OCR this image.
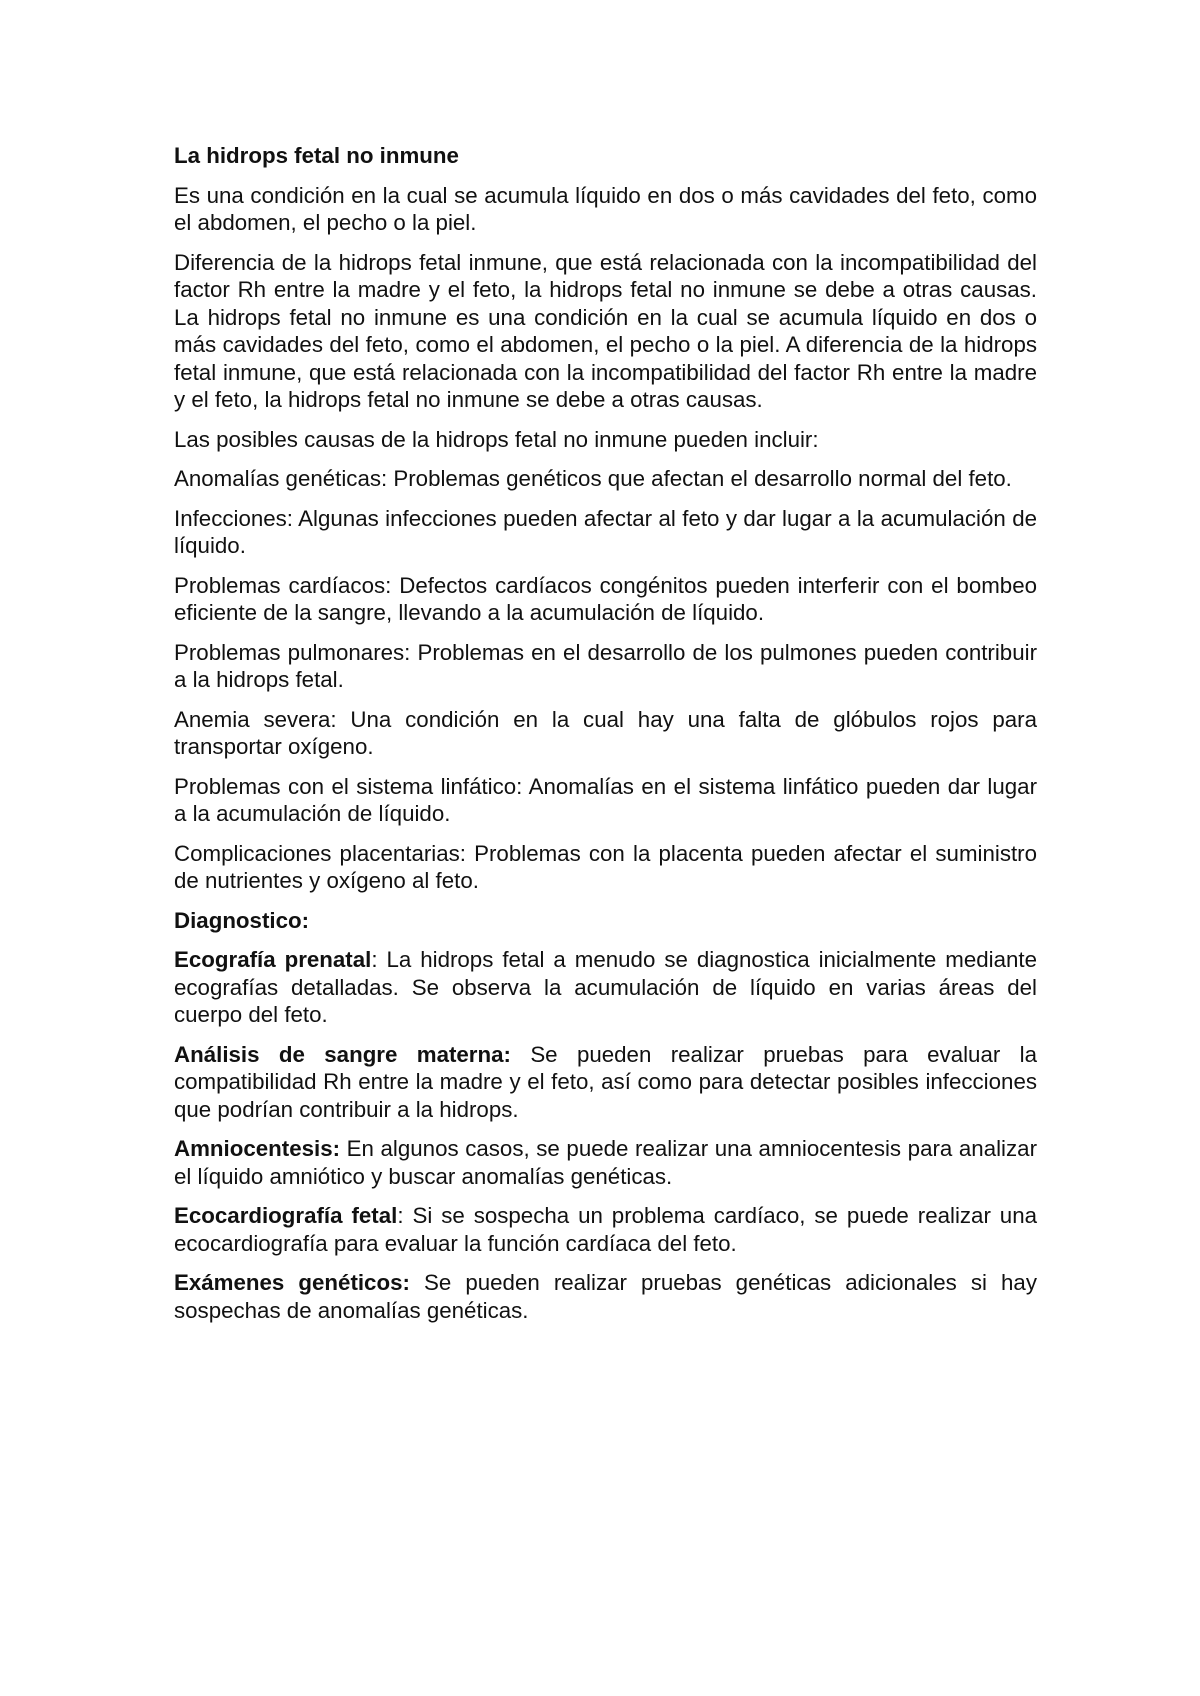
La hidrops fetal no inmune

Es una condición en la cual se acumula líquido en dos o más cavidades del feto, como el abdomen, el pecho o la piel.

Diferencia de la hidrops fetal inmune, que está relacionada con la incompatibilidad del factor Rh entre la madre y el feto, la hidrops fetal no inmune se debe a otras causas. La hidrops fetal no inmune es una condición en la cual se acumula líquido en dos o más cavidades del feto, como el abdomen, el pecho o la piel. A diferencia de la hidrops fetal inmune, que está relacionada con la incompatibilidad del factor Rh entre la madre y el feto, la hidrops fetal no inmune se debe a otras causas.

Las posibles causas de la hidrops fetal no inmune pueden incluir:

Anomalías genéticas: Problemas genéticos que afectan el desarrollo normal del feto.

Infecciones: Algunas infecciones pueden afectar al feto y dar lugar a la acumulación de líquido.

Problemas cardíacos: Defectos cardíacos congénitos pueden interferir con el bombeo eficiente de la sangre, llevando a la acumulación de líquido.

Problemas pulmonares: Problemas en el desarrollo de los pulmones pueden contribuir a la hidrops fetal.

Anemia severa: Una condición en la cual hay una falta de glóbulos rojos para transportar oxígeno.

Problemas con el sistema linfático: Anomalías en el sistema linfático pueden dar lugar a la acumulación de líquido.

Complicaciones placentarias: Problemas con la placenta pueden afectar el suministro de nutrientes y oxígeno al feto.

Diagnostico:

Ecografía prenatal: La hidrops fetal a menudo se diagnostica inicialmente mediante ecografías detalladas. Se observa la acumulación de líquido en varias áreas del cuerpo del feto.

Análisis de sangre materna: Se pueden realizar pruebas para evaluar la compatibilidad Rh entre la madre y el feto, así como para detectar posibles infecciones que podrían contribuir a la hidrops.

Amniocentesis: En algunos casos, se puede realizar una amniocentesis para analizar el líquido amniótico y buscar anomalías genéticas.

Ecocardiografía fetal: Si se sospecha un problema cardíaco, se puede realizar una ecocardiografía para evaluar la función cardíaca del feto.

Exámenes genéticos: Se pueden realizar pruebas genéticas adicionales si hay sospechas de anomalías genéticas.
